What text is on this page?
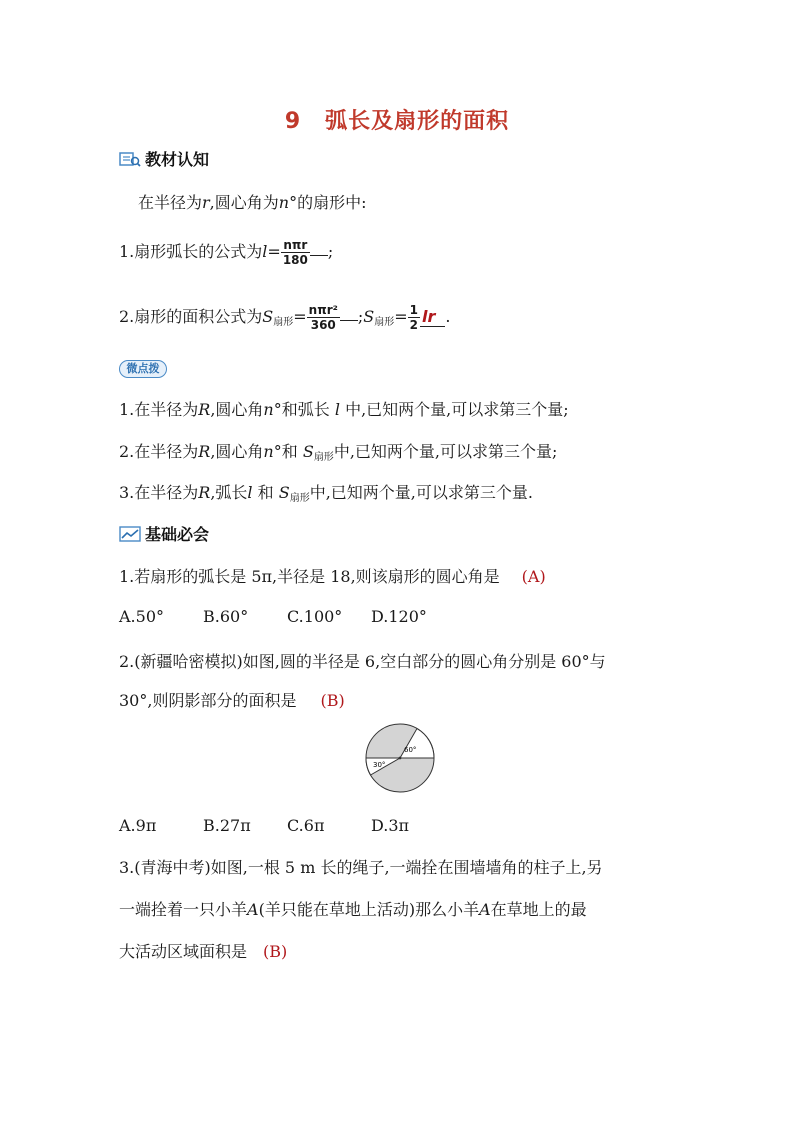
9 弧长及扇形的面积
教材认知
在半径为r,圆心角为n°的扇形中:
1.扇形弧长的公式为$l= \frac{\text{nπr}}{180}$ ;
2.扇形的面积公式为S扇形= $\frac{\text{nπr²}}{360}$ ;S扇形= $\frac{1}{2}$ lr .
微点拨
1.在半径为R,圆心角n°和弧长 l 中,已知两个量,可以求第三个量;
2.在半径为R,圆心角n°和 S扇形中,已知两个量,可以求第三个量;
3.在半径为R,弧长l 和 S扇形中,已知两个量,可以求第三个量.
基础必会
1.若扇形的弧长是 5π,半径是 18,则该扇形的圆心角是 (A)
A.50° B.60° C.100° D.120°
2.(新疆哈密模拟)如图,圆的半径是 6,空白部分的圆心角分别是 60°与
30°,则阴影部分的面积是 (B)
60°
30°
A.9π	B.27π C.6π	D.3π
3.(青海中考)如图,一根 5 m 长的绳子,一端拴在围墙墙角的柱子上,另
一端拴着一只小羊A(羊只能在草地上活动)那么小羊A在草地上的最
大活动区域面积是 (B)
